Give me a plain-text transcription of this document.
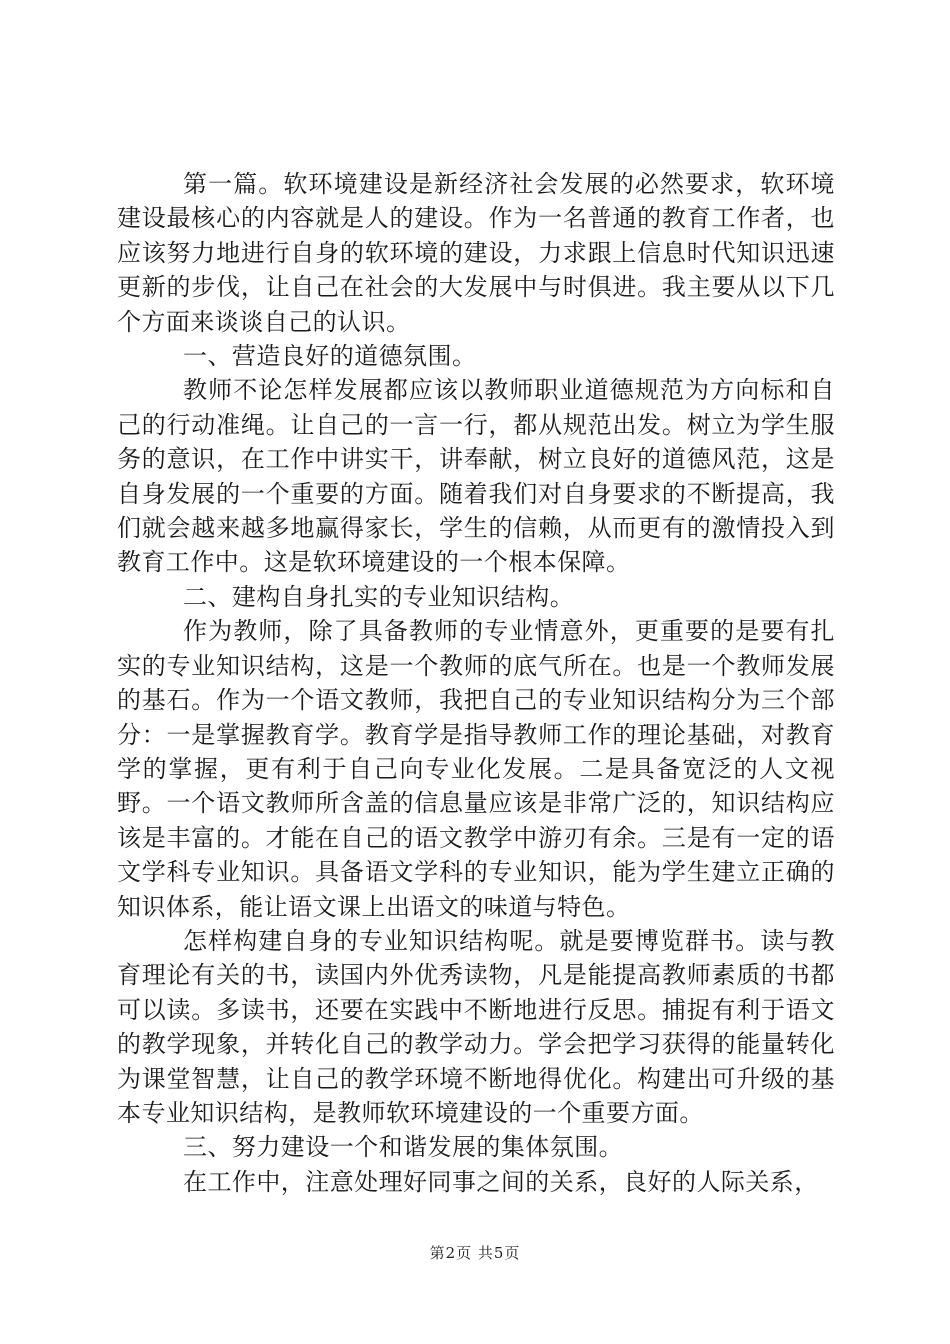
第一篇。软环境建设是新经济社会发展的必然要求，软环境建设最核心的内容就是人的建设。作为一名普通的教育工作者，也应该努力地进行自身的软环境的建设，力求跟上信息时代知识迅速更新的步伐，让自己在社会的大发展中与时俱进。我主要从以下几个方面来谈谈自己的认识。

一、营造良好的道德氛围。

教师不论怎样发展都应该以教师职业道德规范为方向标和自己的行动准绳。让自己的一言一行，都从规范出发。树立为学生服务的意识，在工作中讲实干，讲奉献，树立良好的道德风范，这是自身发展的一个重要的方面。随着我们对自身要求的不断提高，我们就会越来越多地赢得家长，学生的信赖，从而更有的激情投入到教育工作中。这是软环境建设的一个根本保障。

二、建构自身扎实的专业知识结构。

作为教师，除了具备教师的专业情意外，更重要的是要有扎实的专业知识结构，这是一个教师的底气所在。也是一个教师发展的基石。作为一个语文教师，我把自己的专业知识结构分为三个部分：一是掌握教育学。教育学是指导教师工作的理论基础，对教育学的掌握，更有利于自己向专业化发展。二是具备宽泛的人文视野。一个语文教师所含盖的信息量应该是非常广泛的，知识结构应该是丰富的。才能在自己的语文教学中游刃有余。三是有一定的语文学科专业知识。具备语文学科的专业知识，能为学生建立正确的知识体系，能让语文课上出语文的味道与特色。

怎样构建自身的专业知识结构呢。就是要博览群书。读与教育理论有关的书，读国内外优秀读物，凡是能提高教师素质的书都可以读。多读书，还要在实践中不断地进行反思。捕捉有利于语文的教学现象，并转化自己的教学动力。学会把学习获得的能量转化为课堂智慧，让自己的教学环境不断地得优化。构建出可升级的基本专业知识结构，是教师软环境建设的一个重要方面。

三、努力建设一个和谐发展的集体氛围。

在工作中，注意处理好同事之间的关系，良好的人际关系，

第2页 共5页
